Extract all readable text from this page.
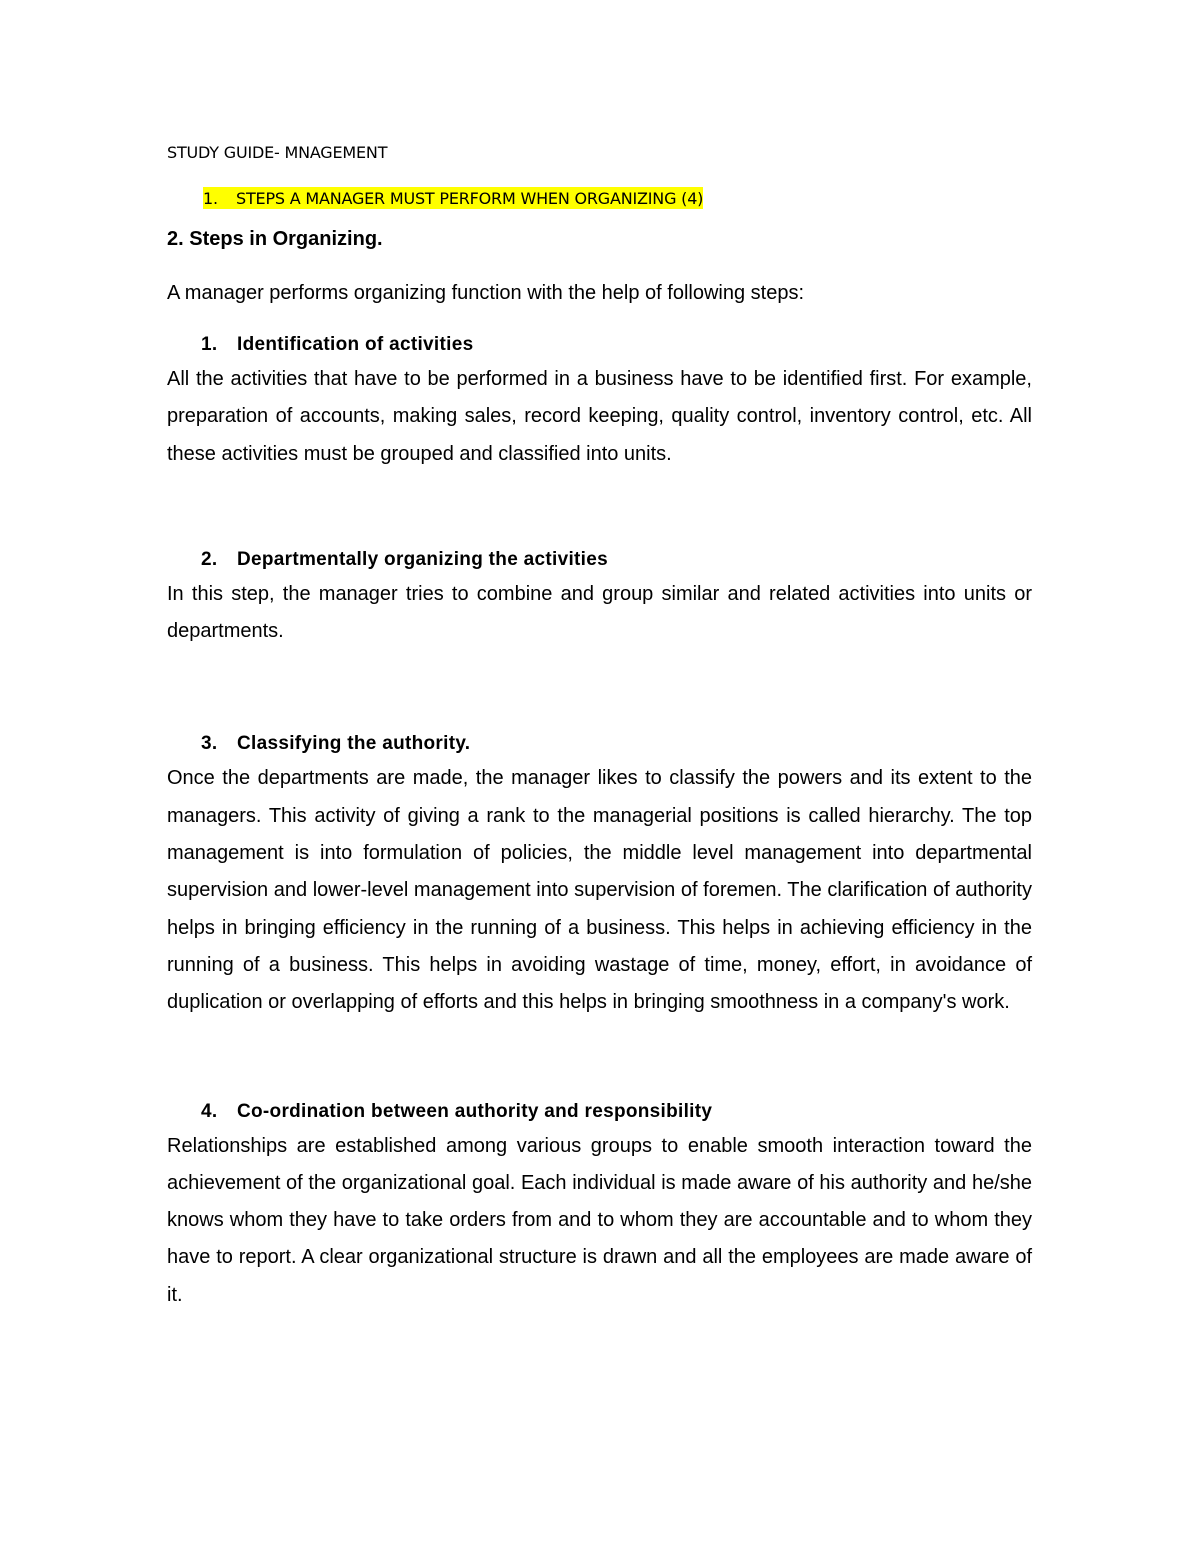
STUDY GUIDE- MNAGEMENT

1. STEPS A MANAGER MUST PERFORM WHEN ORGANIZING (4)

2. Steps in Organizing.

A manager performs organizing function with the help of following steps:

1. Identification of activities

All the activities that have to be performed in a business have to be identified first. For example, preparation of accounts, making sales, record keeping, quality control, inventory control, etc. All these activities must be grouped and classified into units.

2. Departmentally organizing the activities

In this step, the manager tries to combine and group similar and related activities into units or departments.

3. Classifying the authority.

Once the departments are made, the manager likes to classify the powers and its extent to the managers. This activity of giving a rank to the managerial positions is called hierarchy. The top management is into formulation of policies, the middle level management into departmental supervision and lower-level management into supervision of foremen. The clarification of authority helps in bringing efficiency in the running of a business. This helps in achieving efficiency in the running of a business. This helps in avoiding wastage of time, money, effort, in avoidance of duplication or overlapping of efforts and this helps in bringing smoothness in a company's work.

4. Co-ordination between authority and responsibility

Relationships are established among various groups to enable smooth interaction toward the achievement of the organizational goal. Each individual is made aware of his authority and he/she knows whom they have to take orders from and to whom they are accountable and to whom they have to report. A clear organizational structure is drawn and all the employees are made aware of it.
